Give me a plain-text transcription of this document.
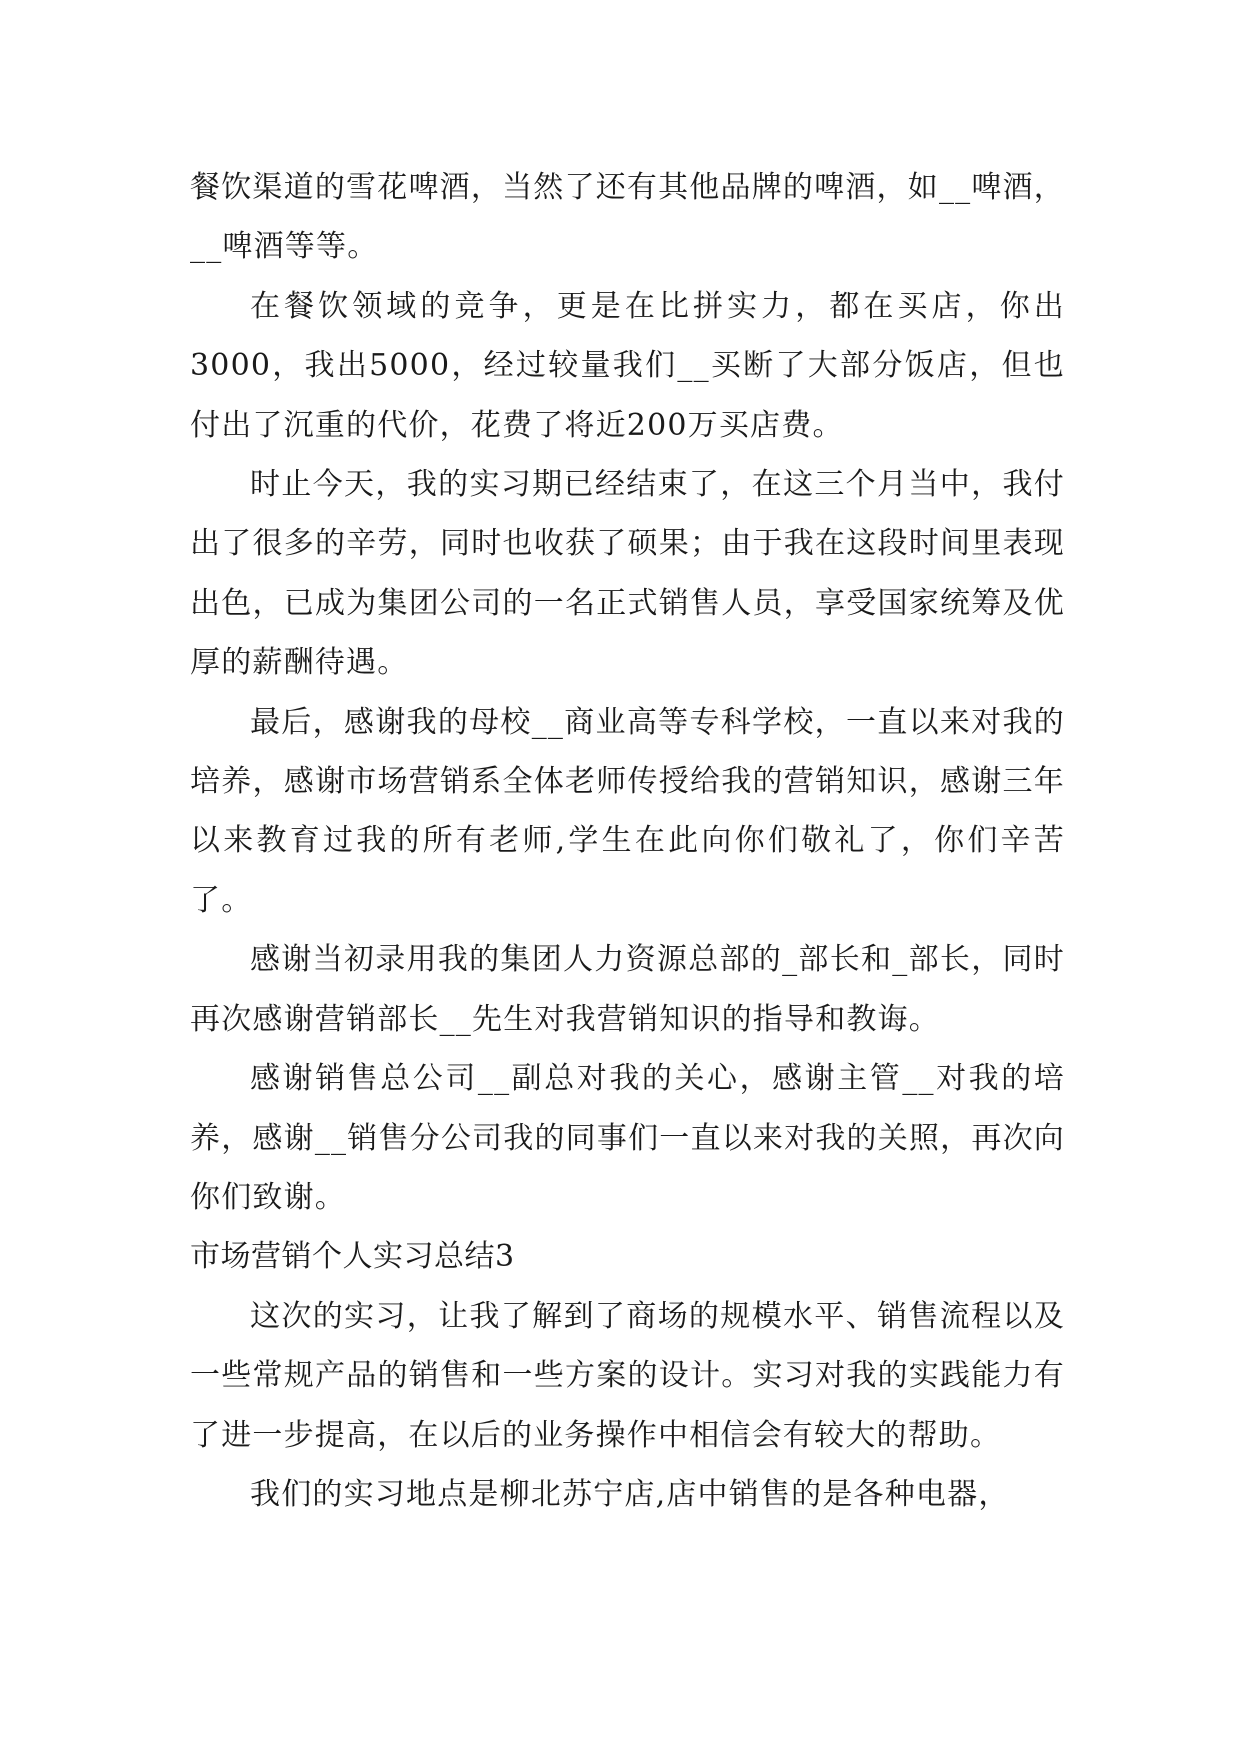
餐饮渠道的雪花啤酒，当然了还有其他品牌的啤酒，如__啤酒，__啤酒等等。

在餐饮领域的竞争，更是在比拼实力，都在买店，你出3000，我出5000，经过较量我们__买断了大部分饭店，但也付出了沉重的代价，花费了将近200万买店费。

时止今天，我的实习期已经结束了，在这三个月当中，我付出了很多的辛劳，同时也收获了硕果；由于我在这段时间里表现出色，已成为集团公司的一名正式销售人员，享受国家统筹及优厚的薪酬待遇。

最后，感谢我的母校__商业高等专科学校，一直以来对我的培养，感谢市场营销系全体老师传授给我的营销知识，感谢三年以来教育过我的所有老师,学生在此向你们敬礼了，你们辛苦了。

感谢当初录用我的集团人力资源总部的_部长和_部长，同时再次感谢营销部长__先生对我营销知识的指导和教诲。

感谢销售总公司__副总对我的关心，感谢主管__对我的培养，感谢__销售分公司我的同事们一直以来对我的关照，再次向你们致谢。

市场营销个人实习总结3

这次的实习，让我了解到了商场的规模水平、销售流程以及一些常规产品的销售和一些方案的设计。实习对我的实践能力有了进一步提高，在以后的业务操作中相信会有较大的帮助。

我们的实习地点是柳北苏宁店,店中销售的是各种电器，
